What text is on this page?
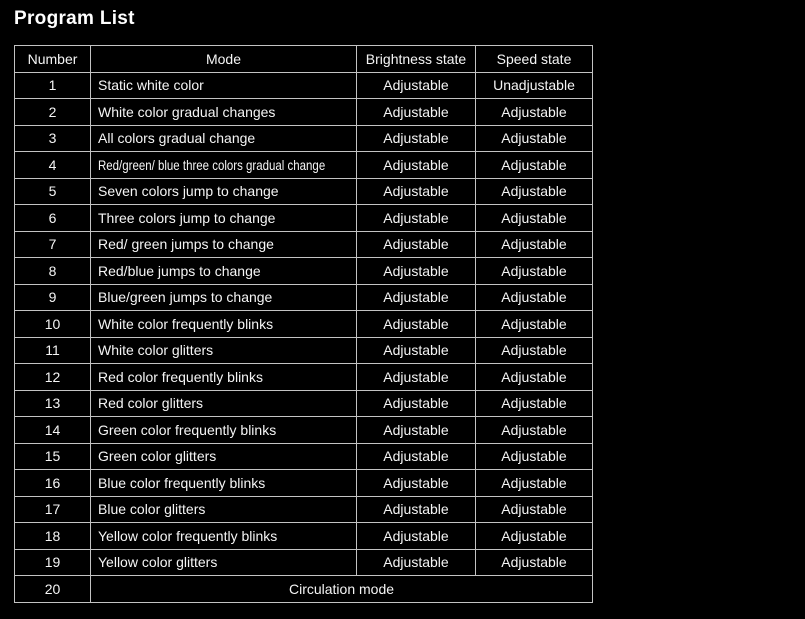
Program List
Number	Mode	Brightness state	Speed state
1	Static white color	Adjustable	Unadjustable
2	White color gradual changes	Adjustable	Adjustable
3	All colors gradual change	Adjustable	Adjustable
4	Red/green/ blue three colors gradual change	Adjustable	Adjustable
5	Seven colors jump to change	Adjustable	Adjustable
6	Three colors jump to change	Adjustable	Adjustable
7	Red/ green jumps to change	Adjustable	Adjustable
8	Red/blue jumps to change	Adjustable	Adjustable
9	Blue/green jumps to change	Adjustable	Adjustable
10	White color frequently blinks	Adjustable	Adjustable
11	White color glitters	Adjustable	Adjustable
12	Red color frequently blinks	Adjustable	Adjustable
13	Red color glitters	Adjustable	Adjustable
14	Green color frequently blinks	Adjustable	Adjustable
15	Green color glitters	Adjustable	Adjustable
16	Blue color frequently blinks	Adjustable	Adjustable
17	Blue color glitters	Adjustable	Adjustable
18	Yellow color frequently blinks	Adjustable	Adjustable
19	Yellow color glitters	Adjustable	Adjustable
20	Circulation mode		
